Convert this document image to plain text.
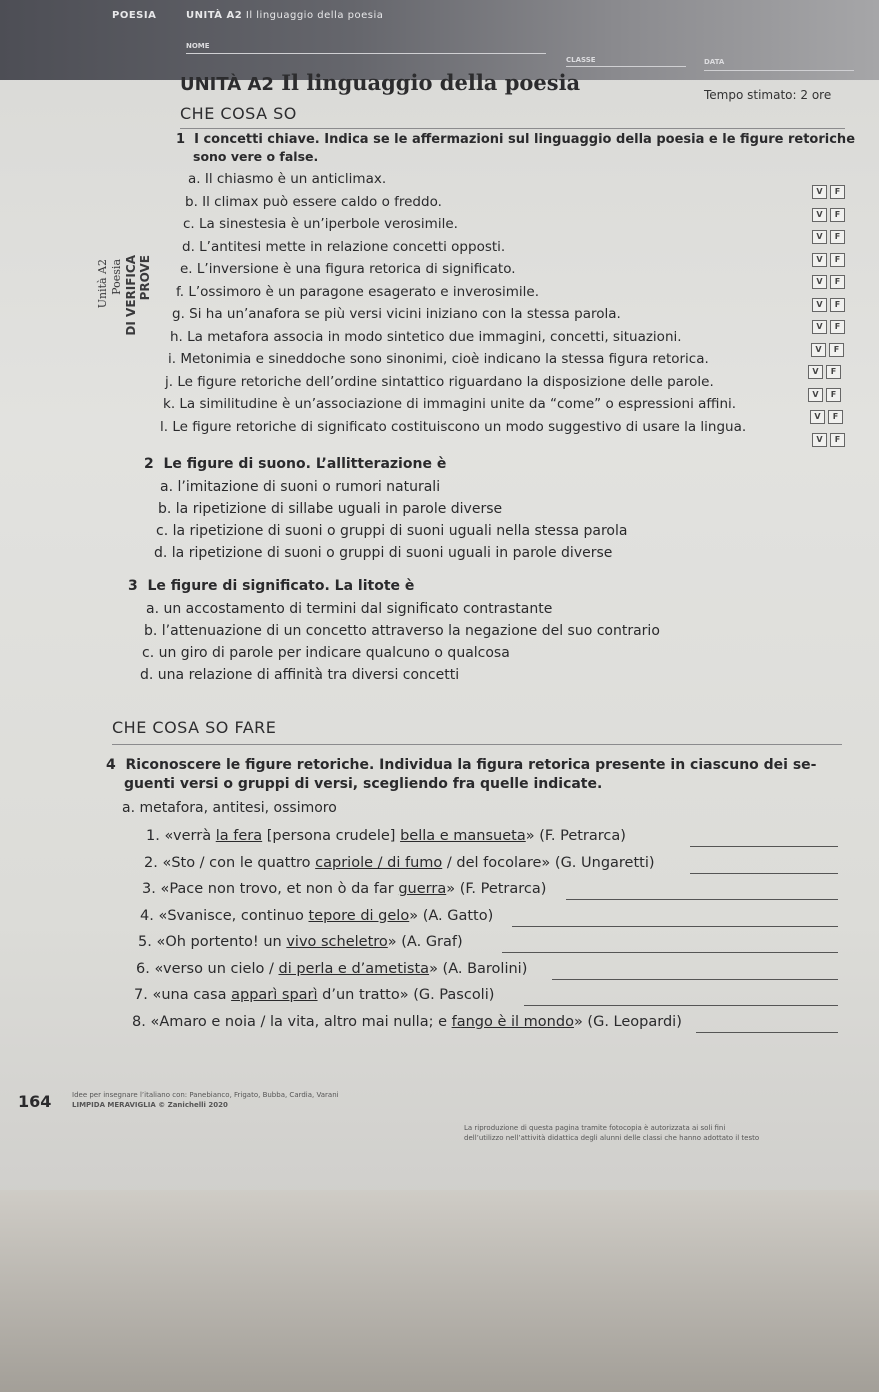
POESIA	UNITÀ A2 Il linguaggio della poesia
NOME
CLASSE	DATA
UNITÀ A2 Il linguaggio della poesia	Tempo stimato: 2 ore
CHE COSA SO
PROVE
DI VERIFICA
Poesia
Unità A2
1 I concetti chiave. Indica se le affermazioni sul linguaggio della poesia e le figure retoriche
sono vere o false.
a. Il chiasmo è un anticlimax.
V	F
b. Il climax può essere caldo o freddo.
V	F
c. La sinestesia è un’iperbole verosimile.
V	F
d. L’antitesi mette in relazione concetti opposti.
V	F
e. L’inversione è una figura retorica di significato.
V	F
f. L’ossimoro è un paragone esagerato e inverosimile.
V	F
g. Si ha un’anafora se più versi vicini iniziano con la stessa parola.
V	F
h. La metafora associa in modo sintetico due immagini, concetti, situazioni.
V	F
i. Metonimia e sineddoche sono sinonimi, cioè indicano la stessa figura retorica.
V	F
j. Le figure retoriche dell’ordine sintattico riguardano la disposizione delle parole.
V	F
k. La similitudine è un’associazione di immagini unite da “come” o espressioni affini.
V	F
l. Le figure retoriche di significato costituiscono un modo suggestivo di usare la lingua.
V	F
2 Le figure di suono. L’allitterazione è
a. l’imitazione di suoni o rumori naturali
b. la ripetizione di sillabe uguali in parole diverse
c. la ripetizione di suoni o gruppi di suoni uguali nella stessa parola
d. la ripetizione di suoni o gruppi di suoni uguali in parole diverse
3 Le figure di significato. La litote è
a. un accostamento di termini dal significato contrastante
b. l’attenuazione di un concetto attraverso la negazione del suo contrario
c. un giro di parole per indicare qualcuno o qualcosa
d. una relazione di affinità tra diversi concetti
CHE COSA SO FARE
4 Riconoscere le figure retoriche. Individua la figura retorica presente in ciascuno dei se-
guenti versi o gruppi di versi, scegliendo fra quelle indicate.
a. metafora, antitesi, ossimoro
1. «verrà la fera [persona crudele] bella e mansueta» (F. Petrarca)
2. «Sto / con le quattro capriole / di fumo / del focolare» (G. Ungaretti)
3. «Pace non trovo, et non ò da far guerra» (F. Petrarca)
4. «Svanisce, continuo tepore di gelo» (A. Gatto)
5. «Oh portento! un vivo scheletro» (A. Graf)
6. «verso un cielo / di perla e d’ametista» (A. Barolini)
7. «una casa apparì sparì d’un tratto» (G. Pascoli)
8. «Amaro e noia / la vita, altro mai nulla; e fango è il mondo» (G. Leopardi)
164	Idee per insegnare l’italiano con: Panebianco, Frigato, Bubba, Cardia, Varani
LIMPIDA MERAVIGLIA © Zanichelli 2020
La riproduzione di questa pagina tramite fotocopia è autorizzata ai soli fini
dell’utilizzo nell’attività didattica degli alunni delle classi che hanno adottato il testo
